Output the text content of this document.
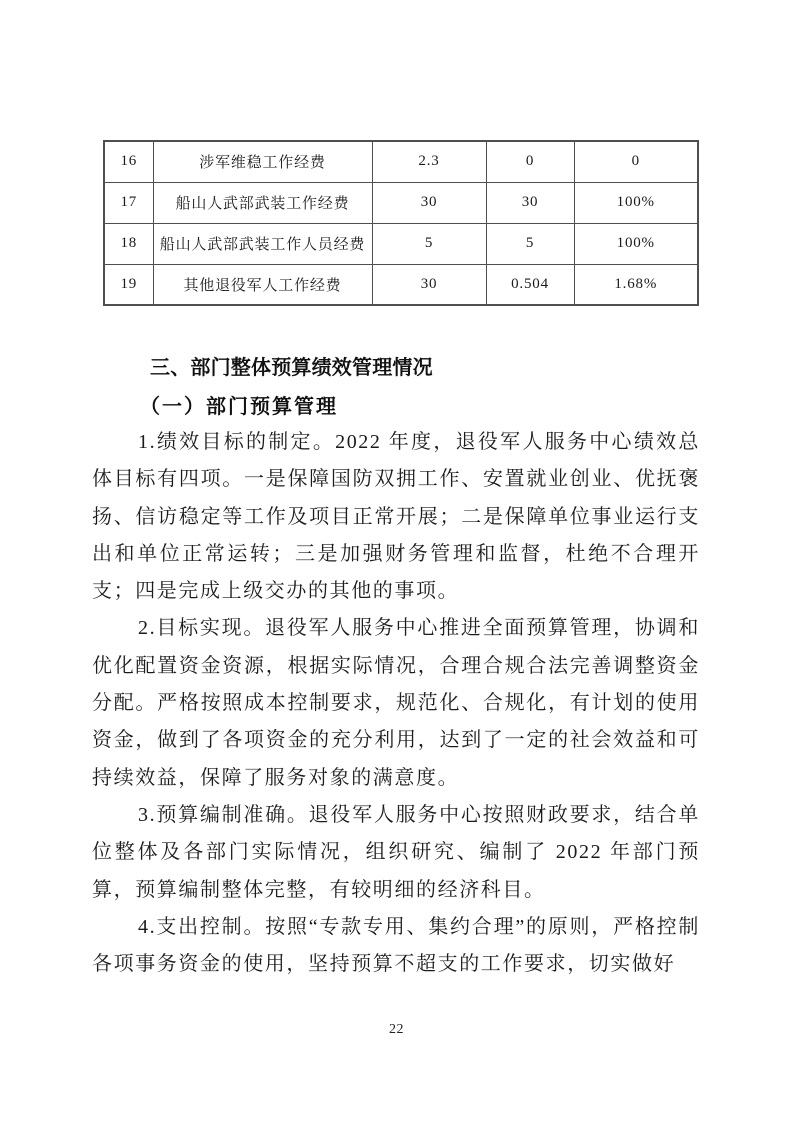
16	涉军维稳工作经费	2.3	0	0
17	船山人武部武装工作经费	30	30	100%
18	船山人武部武装工作人员经费	5	5	100%
19	其他退役军人工作经费	30	0.504	1.68%
三、部门整体预算绩效管理情况
（一）部门预算管理

1.绩效目标的制定。2022 年度，退役军人服务中心绩效总体目标有四项。一是保障国防双拥工作、安置就业创业、优抚褒扬、信访稳定等工作及项目正常开展；二是保障单位事业运行支出和单位正常运转；三是加强财务管理和监督，杜绝不合理开支；四是完成上级交办的其他的事项。

2.目标实现。退役军人服务中心推进全面预算管理，协调和优化配置资金资源，根据实际情况，合理合规合法完善调整资金分配。严格按照成本控制要求，规范化、合规化，有计划的使用资金，做到了各项资金的充分利用，达到了一定的社会效益和可持续效益，保障了服务对象的满意度。

3.预算编制准确。退役军人服务中心按照财政要求，结合单位整体及各部门实际情况，组织研究、编制了 2022 年部门预算，预算编制整体完整，有较明细的经济科目。

4.支出控制。按照“专款专用、集约合理”的原则，严格控制各项事务资金的使用，坚持预算不超支的工作要求，切实做好

22
